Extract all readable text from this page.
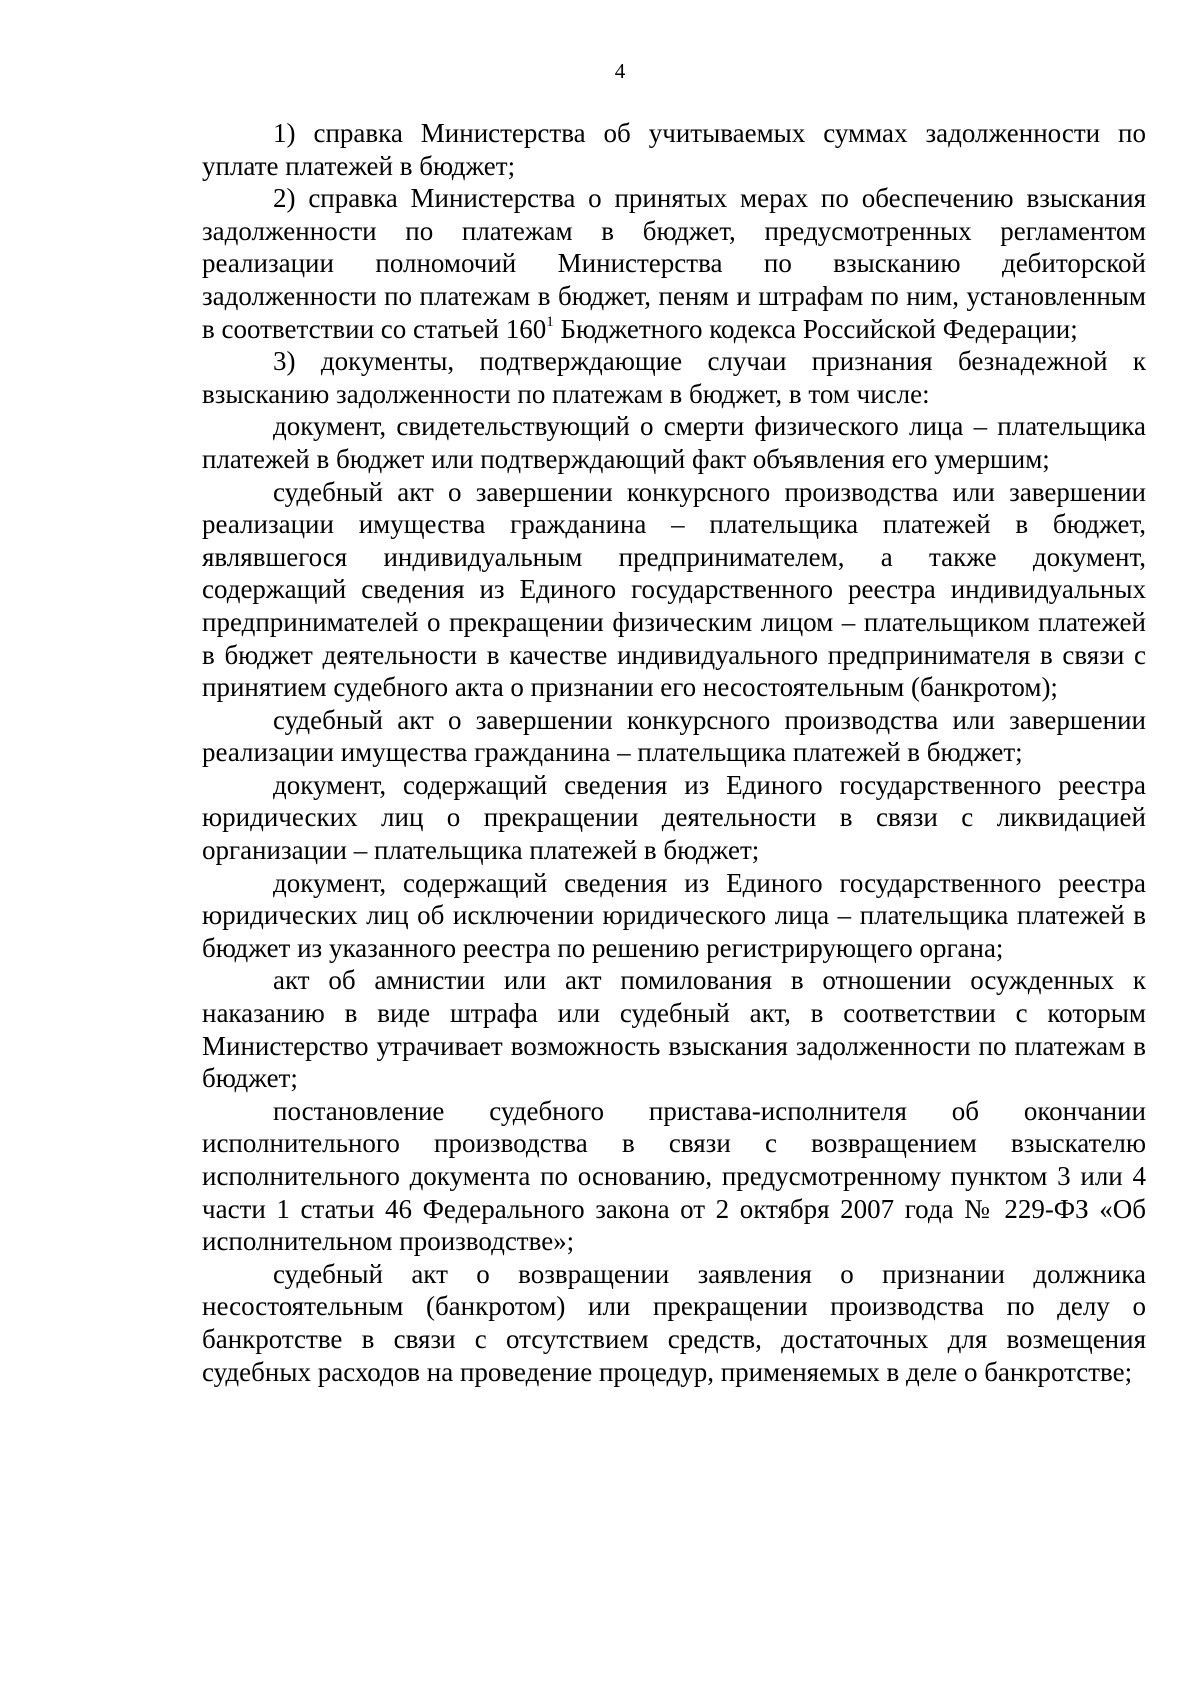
4

1) справка Министерства об учитываемых суммах задолженности по уплате платежей в бюджет;

2) справка Министерства о принятых мерах по обеспечению взыскания задолженности по платежам в бюджет, предусмотренных регламентом реализации полномочий Министерства по взысканию дебиторской задолженности по платежам в бюджет, пеням и штрафам по ним, установленным в соответствии со статьей $160^1$ Бюджетного кодекса Российской Федерации;

3) документы, подтверждающие случаи признания безнадежной к взысканию задолженности по платежам в бюджет, в том числе:

документ, свидетельствующий о смерти физического лица – плательщика платежей в бюджет или подтверждающий факт объявления его умершим;

судебный акт о завершении конкурсного производства или завершении реализации имущества гражданина – плательщика платежей в бюджет, являвшегося индивидуальным предпринимателем, а также документ, содержащий сведения из Единого государственного реестра индивидуальных предпринимателей о прекращении физическим лицом – плательщиком платежей в бюджет деятельности в качестве индивидуального предпринимателя в связи с принятием судебного акта о признании его несостоятельным (банкротом);

судебный акт о завершении конкурсного производства или завершении реализации имущества гражданина – плательщика платежей в бюджет;

документ, содержащий сведения из Единого государственного реестра юридических лиц о прекращении деятельности в связи с ликвидацией организации – плательщика платежей в бюджет;

документ, содержащий сведения из Единого государственного реестра юридических лиц об исключении юридического лица – плательщика платежей в бюджет из указанного реестра по решению регистрирующего органа;

акт об амнистии или акт помилования в отношении осужденных к наказанию в виде штрафа или судебный акт, в соответствии с которым Министерство утрачивает возможность взыскания задолженности по платежам в бюджет;

постановление судебного пристава-исполнителя об окончании исполнительного производства в связи с возвращением взыскателю исполнительного документа по основанию, предусмотренному пунктом 3 или 4 части 1 статьи 46 Федерального закона от 2 октября 2007 года № 229-ФЗ «Об исполнительном производстве»;

судебный акт о возвращении заявления о признании должника несостоятельным (банкротом) или прекращении производства по делу о банкротстве в связи с отсутствием средств, достаточных для возмещения судебных расходов на проведение процедур, применяемых в деле о банкротстве;
